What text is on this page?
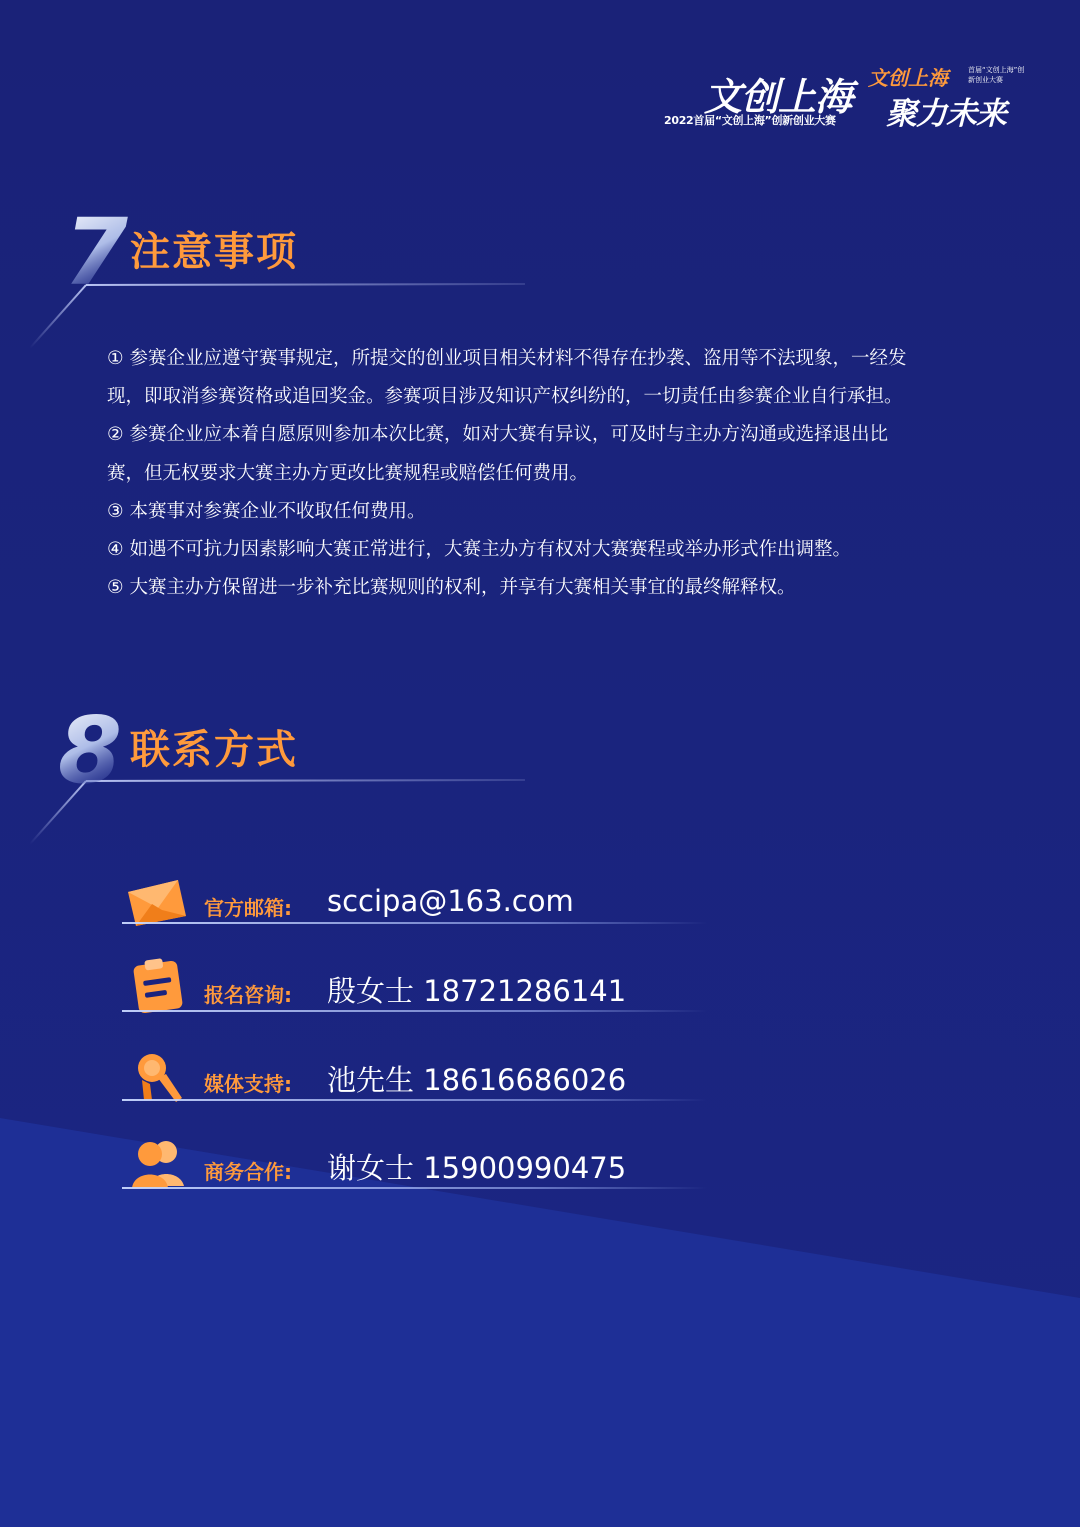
文创上海
2022首届“文创上海”创新创业大赛
文创上海	首届“文创上海”创新创业大赛
聚力未来
7 注意事项

① 参赛企业应遵守赛事规定，所提交的创业项目相关材料不得存在抄袭、盗用等不法现象，一经发

现，即取消参赛资格或追回奖金。参赛项目涉及知识产权纠纷的，一切责任由参赛企业自行承担。

② 参赛企业应本着自愿原则参加本次比赛，如对大赛有异议，可及时与主办方沟通或选择退出比

赛，但无权要求大赛主办方更改比赛规程或赔偿任何费用。

③ 本赛事对参赛企业不收取任何费用。

④ 如遇不可抗力因素影响大赛正常进行，大赛主办方有权对大赛赛程或举办形式作出调整。

⑤ 大赛主办方保留进一步补充比赛规则的权利，并享有大赛相关事宜的最终解释权。

8 联系方式
官方邮箱: sccipa@163.com
报名咨询: 殷女士 18721286141
媒体支持: 池先生 18616686026
商务合作: 谢女士 15900990475
